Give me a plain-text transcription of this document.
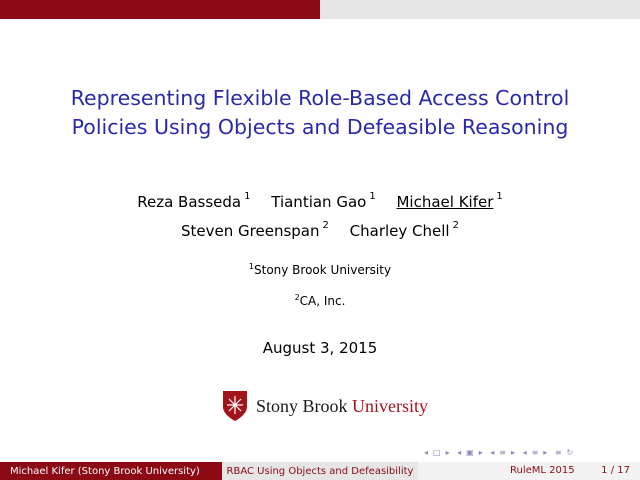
Representing Flexible Role-Based Access Control
Policies Using Objects and Defeasible Reasoning
Reza Basseda $^1$ Tiantian Gao $^1$ Michael Kifer $^1$
Steven Greenspan $^2$ Charley Chell $^2$
$^1$Stony Brook University
$^2$CA, Inc.
August 3, 2015
Stony Brook University
◂ □ ▸ ◂ ▣ ▸ ◂ ≡ ▸ ◂ ≡ ▸ ≡ ↻
Michael Kifer (Stony Brook University)	RBAC Using Objects and Defeasibility	RuleML 2015	1 / 17
